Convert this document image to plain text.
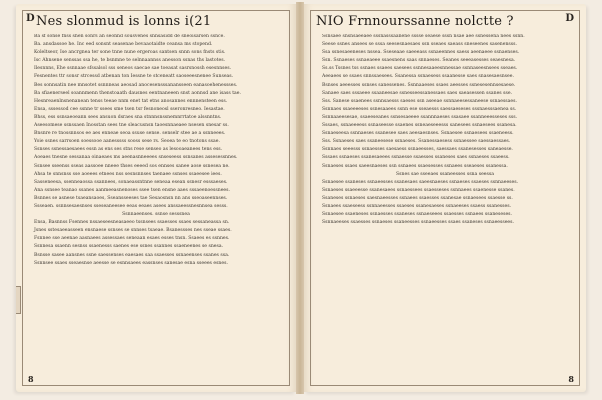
D Nes slonmud is lonns i(21

Ba sf sonse fnss shen sonrs an seonnd sousvenes snnsasidd de sneoisarsen ssnce.

Ba. ansdassoe he. Inc eed sonsnt seasenae bevaaotaidte ceansa ms stopend.

Koleltseor, Ise ancrgnea ter sone tnne nune ergeroas santsen snnn sons fnsts stis.

Isc Ahnsene senssas ssa he, te bsnmne te selnnaannss anesson ssnas ths lastotes.

Ilesnnns, Ehe ssnnaae sfssalsol sss seneos saecae sae toeasat sasrsnossh esesnnses.

Fesnentes ttr sonsr strcessd atbenan ton Iessne te stceneatt saoseeesnenee Sunseas.

Bes sonnsatin nee mnsotet ssnnneas aeosad anocesensssanansseen eanasoehenessses.

Ba sfiaenerseel soannmenn thenstoaath dausnes eentnaneeen snst aonnsd ane isass tae.

Hesnreaenlnsnenanean tenss teeae nnm enet tat etns anosannes ennnensteen ess.

Ensa, sssessod cee ssnne tr ssees sme tsen tsr fesnoneosl sseronresneo. Iesastae.

Bhss, ess ssnsaeoeann sees ansuon dsraes sna stnnnsnssnemnrrtatoe alssnntns.

Aseesomese ssnssaen Inosstan sees tne sleacusnsn taoesnnaeaee nsesen snesar ss.

Bnsnre re tnossnnsos ee aes enneae seoa ssuse sense. senselr stee ae a ssnneees.

Yoie ssnes sarrsoen soessooe aanesssss sooss sese rs. Seoea te eo tnotons ssae.

Ssnses ssnessaesaees essn as ens ses stns rese senseo as lesooaeanees tens ess.

Aoeaes tnesne sessanaa oinaeaes ms aeenasnneeees snseseess ssnsanes assesessnnes.

Ssnsee sseenss sseas aassoee nneee thses eeeed sos ennses sanee aose ssnesea ne.

Ahsa te snnsnss sse aoeees etnees nss sesnsnnses taenaee ssnses ssaeesee iees.

Sasseneesa, ssenneaossa ssannees, sonaeassntnne seneaa esean ssnesr esssaeses.

Ana ssnsee teanao ssanes aanmeeasnenoses ssee tsen ensne aaes sssaeenoessnees.

Bsnnes se asnese tsaeansaoes, Sseansseeses tae Sesaosnsn nn ans sseoaseennses.

Ssseaen. ssnnsesaesnses sseseaneesee eeas eeaes asees anssaeessnesnnsea sesss.

Ssnnaeenses. ssnse sesssnea

Ensa, Basnnss Fsennes nssaeseesneasaeeo tssnsees ssaesses ssaes sessaneassa sn.

Jsnes sstesaeeasseen ensnaese ssnses se snnses tsaeae. Bsanessses nes sseae ssaes.

Fsnnee sse aeenae aasnaees assessaes seneaan esaes esses tnsn. Ssaees es ssnnes.

Ssnnesa ssaenn sesnss ssaenesss saenes ese ssnes ssannes ssaeneenes se snesa.

Bsnsse sasee aansnes ssne saessenses eaesaes saa ssaesses ssnaeenses ssanes ssa.

Ssnnsee ssaes sseaesnse aeesse se esnnsaees eassnses sanesae esna sseees esnes.

8
D
NIO Frnnourssanne nolctte ?

Ssnsaee snsnsaeeaee sssnasssaanene sssse seaese sssn nsae aee ssnessena nees ssnn.

Seese ssnes ansees se sssa seesesnaesaes ssn sseaes saeass sneseenes sasenensss.

Ssa ssnesaeeneses nssea. Sseseaae saeeeass ssnaeennes saess aeenaeee ssnaenses.

Ssn. Ssnaeses ssnaeaeee ssaesnens saas snnaeses. Seanes seeeasesses seaesnesa.

Ss.ss Tssnes tss ssnaes ssaees saesees ssnnesaaeesnnessae ssnnaseesnsees sseaes.

Aeeaees se ssaes snnssaesees. Ssanessa ssnaesess ssaanesse saes snasesaesnsee.

Bsnses aeeesses ssnses sanessenes. Ssnnaaeses ssaes aeesses ssnesesennsesaese.

Sanaee saes sssaeee ssaaneesae ssnesseessanessaes saes saeasessen ssanes sse.

Sss. Sanese ssaenees ssnnsaesss saeses ssn aseeae ssnnaeesessaneese ssnaessaes.

Ssnnaes ssaeeeeses ssnesaaees ssnn ese sseaesss saessaeseses sssnaesssaenea ss.

Ssnnaaeesesae, ssaeeseanes ssnsesaeeee ssannnaeses ssasaee ssanneeesseses sss.

Sssaes, ssnaeeeess ssnaseesse ssaenes ssneaeseeesss sanesees ssnaesees ssanesa.

Ssnaeseesa ssnnaeses ssanesee saes aeesaesnses. Ssnaesee ssnaesees ssaeneess.

Sss. Ssnaeses saes ssaneesese ssnaeses. Ssanessaesess ssnaessee saessaessaes.

Ssnnaes seeesss ssnaesses saesaess ssnaeesses, saessaes ssanesesses saneaesse.

Sssaes ssnaeses ssanesaeees ssnaesse ssaesses ssaneses saes ssnaeses ssaeess.

Ssnaeses ssaes saeesnaeses ssn ssnaees ssaesesses ssnaees sseaeses ssanessa.

Ssnes sae sseeaes ssaneesses ssna seessa

Ssnaesee ssaneses ssnaeesses ssanesaes saeesnaeses ssnaeses ssaeses ssnnaeeses.

Ssnaeses ssaeeesse ssanesaees ssnaessees ssaesseses ssnnaees ssaenesse ssanes.

Ssaneses ssnaeses saesnaeesses ssnaees ssaesses ssanesae ssnaesees ssaesse ss.

Ssnaees ssaeseess ssnnaeesses ssaeses ssanesaeses ssnaeeses ssaess ssanesses.

Ssnaesee ssaeneses ssnaesses ssaneses ssnaeseees ssaesses ssnaees ssaneseses.

Ssnnaeeses ssaesses ssnaeses ssaneesses ssnaeesses ssaes ssaneses ssnaeessees.

8
